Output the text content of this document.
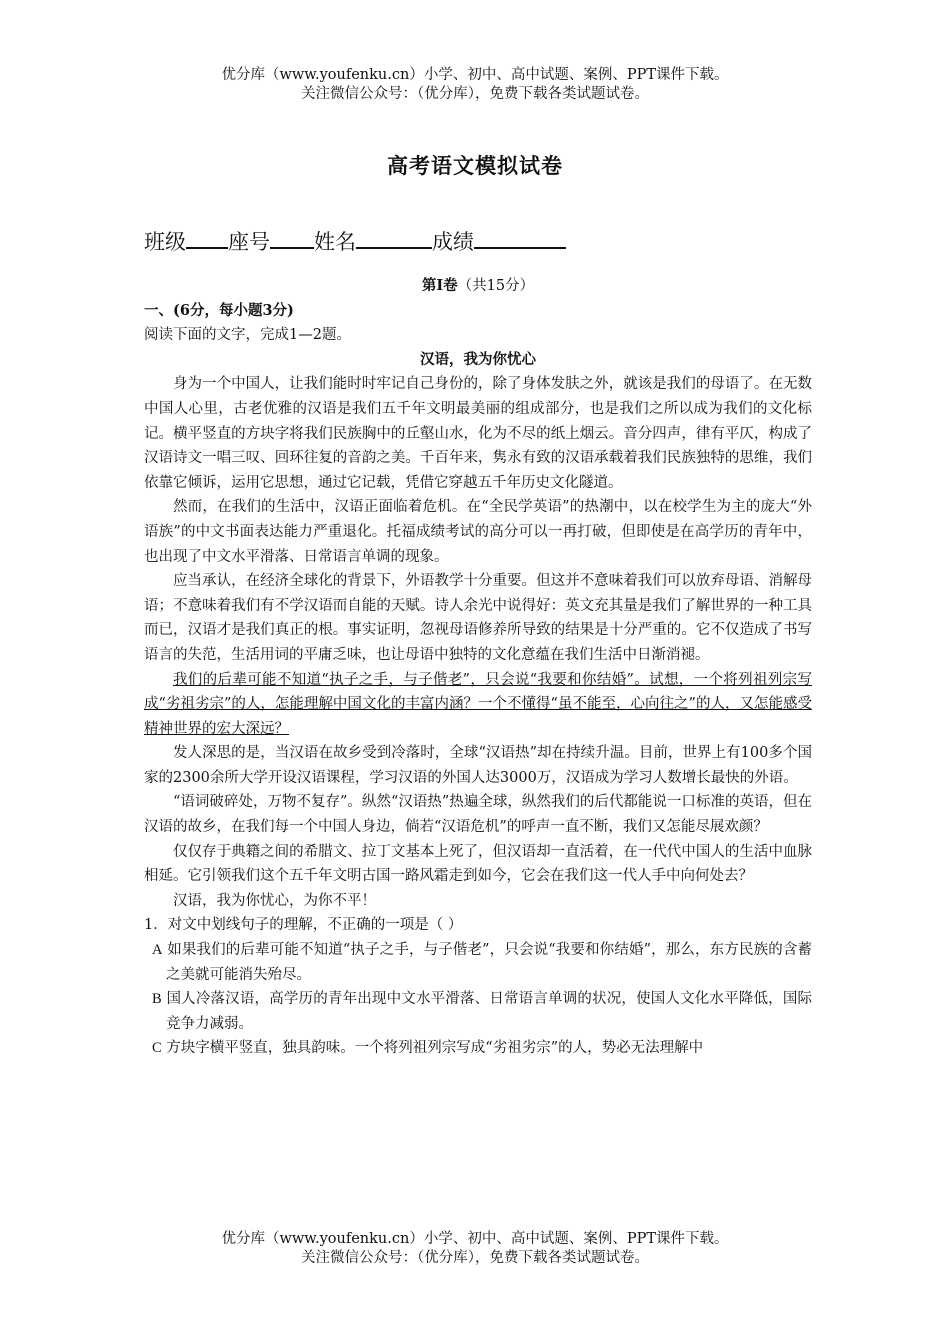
优分库（www.youfenku.cn）小学、初中、高中试题、案例、PPT课件下载。
关注微信公众号：（优分库），免费下载各类试题试卷。
高考语文模拟试卷
班级 座号 姓名	成绩
第Ⅰ卷（共15分）
一、(6分，每小题3分)
阅读下面的文字，完成1—2题。
汉语，我为你忧心
身为一个中国人，让我们能时时牢记自己身份的，除了身体发肤之外，就该是我们的母语了。在无数中国人心里，古老优雅的汉语是我们五千年文明最美丽的组成部分，也是我们之所以成为我们的文化标记。横平竖直的方块字将我们民族胸中的丘壑山水，化为不尽的纸上烟云。音分四声，律有平仄，构成了汉语诗文一唱三叹、回环往复的音韵之美。千百年来，隽永有致的汉语承载着我们民族独特的思维，我们依靠它倾诉，运用它思想，通过它记载，凭借它穿越五千年历史文化隧道。
然而，在我们的生活中，汉语正面临着危机。在“全民学英语”的热潮中，以在校学生为主的庞大“外语族”的中文书面表达能力严重退化。托福成绩考试的高分可以一再打破，但即使是在高学历的青年中，也出现了中文水平滑落、日常语言单调的现象。
应当承认，在经济全球化的背景下，外语教学十分重要。但这并不意味着我们可以放弃母语、消解母语；不意味着我们有不学汉语而自能的天赋。诗人余光中说得好：英文充其量是我们了解世界的一种工具而已，汉语才是我们真正的根。事实证明，忽视母语修养所导致的结果是十分严重的。它不仅造成了书写语言的失范，生活用词的平庸乏味，也让母语中独特的文化意蕴在我们生活中日渐消褪。
我们的后辈可能不知道“执子之手，与子偕老”，只会说“我要和你结婚”。试想，一个将列祖列宗写成“劣祖劣宗”的人，怎能理解中国文化的丰富内涵？一个不懂得“虽不能至，心向往之”的人，又怎能感受精神世界的宏大深远？
发人深思的是，当汉语在故乡受到冷落时，全球“汉语热”却在持续升温。目前，世界上有100多个国家的2300余所大学开设汉语课程，学习汉语的外国人达3000万，汉语成为学习人数增长最快的外语。
“语词破碎处，万物不复存”。纵然“汉语热”热遍全球，纵然我们的后代都能说一口标准的英语，但在汉语的故乡，在我们每一个中国人身边，倘若“汉语危机”的呼声一直不断，我们又怎能尽展欢颜？
仅仅存于典籍之间的希腊文、拉丁文基本上死了，但汉语却一直活着，在一代代中国人的生活中血脉相延。它引领我们这个五千年文明古国一路风霜走到如今，它会在我们这一代人手中向何处去？
汉语，我为你忧心，为你不平！
1．对文中划线句子的理解，不正确的一项是（ ）
A 如果我们的后辈可能不知道“执子之手，与子偕老”，只会说“我要和你结婚”，那么，东方民族的含蓄之美就可能消失殆尽。
B 国人冷落汉语，高学历的青年出现中文水平滑落、日常语言单调的状况，使国人文化水平降低，国际竞争力减弱。
C 方块字横平竖直，独具韵味。一个将列祖列宗写成“劣祖劣宗”的人，势必无法理解中
优分库（www.youfenku.cn）小学、初中、高中试题、案例、PPT课件下载。
关注微信公众号：（优分库），免费下载各类试题试卷。
